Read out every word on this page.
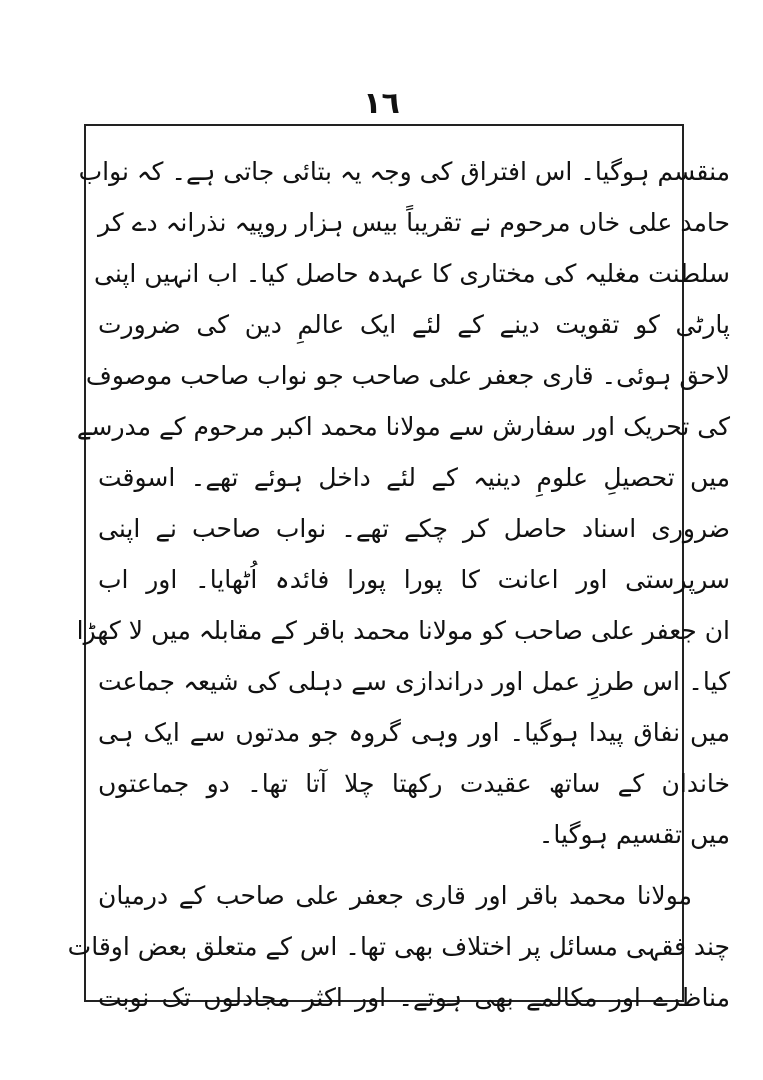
١٦
منقسم ہوگیا۔ اس افتراق کی وجہ یہ بتائی جاتی ہے۔ کہ نواب
حامد علی خاں مرحوم نے تقریباً بیس ہزار روپیہ نذرانہ دے کر
سلطنت مغلیہ کی مختاری کا عہدہ حاصل کیا۔ اب انہیں اپنی
پارٹی کو تقویت دینے کے لئے ایک عالمِ دین کی ضرورت
لاحق ہوئی۔ قاری جعفر علی صاحب جو نواب صاحب موصوف
کی تحریک اور سفارش سے مولانا محمد اکبر مرحوم کے مدرسے
میں تحصیلِ علومِ دینیہ کے لئے داخل ہوئے تھے۔ اسوقت
ضروری اسناد حاصل کر چکے تھے۔ نواب صاحب نے اپنی
سرپرستی اور اعانت کا پورا پورا فائدہ اُٹھایا۔ اور اب
ان جعفر علی صاحب کو مولانا محمد باقر کے مقابلہ میں لا کھڑا
کیا۔ اس طرزِ عمل اور دراندازی سے دہلی کی شیعہ جماعت
میں نفاق پیدا ہوگیا۔ اور وہی گروہ جو مدتوں سے ایک ہی
خاندان کے ساتھ عقیدت رکھتا چلا آتا تھا۔ دو جماعتوں
میں تقسیم ہوگیا۔
مولانا محمد باقر اور قاری جعفر علی صاحب کے درمیان
چند فقہی مسائل پر اختلاف بھی تھا۔ اس کے متعلق بعض اوقات
مناظرے اور مکالمے بھی ہوتے۔ اور اکثر مجادلوں تک نوبت
